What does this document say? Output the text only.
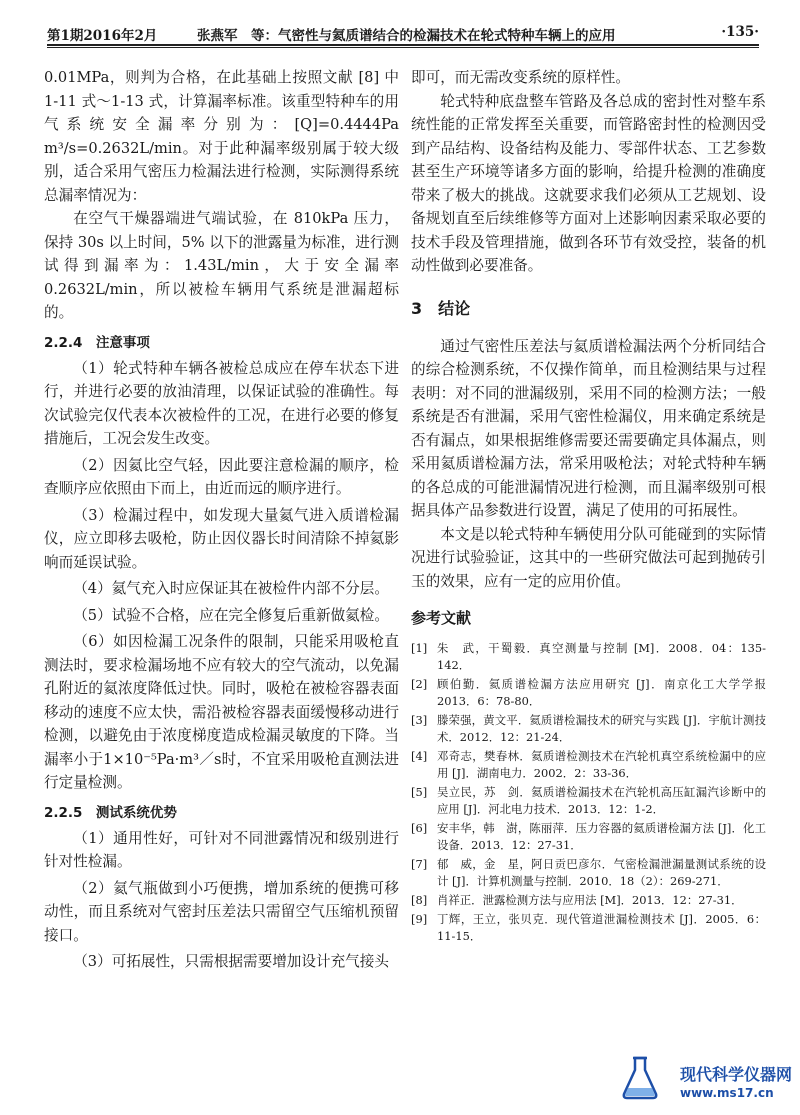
第1期2016年2月	张燕军　等：气密性与氦质谱结合的检漏技术在轮式特种车辆上的应用	·135·

0.01MPa，则判为合格，在此基础上按照文献 [8] 中1-11 式～1-13 式，计算漏率标准。该重型特种车的用气系统安全漏率分别为：[Q]=0.4444Pa　m³/s=0.2632L/min。对于此种漏率级别属于较大级别，适合采用气密压力检漏法进行检测，实际测得系统总漏率情况为：

在空气干燥器端进气端试验，在 810kPa 压力，保持 30s 以上时间，5% 以下的泄露量为标准，进行测试得到漏率为：1.43L/min，大于安全漏率 0.2632L/min，所以被检车辆用气系统是泄漏超标的。

2.2.4　注意事项

（1）轮式特种车辆各被检总成应在停车状态下进行，并进行必要的放油清理，以保证试验的准确性。每次试验完仅代表本次被检件的工况，在进行必要的修复措施后，工况会发生改变。

（2）因氦比空气轻，因此要注意检漏的顺序，检查顺序应依照由下而上，由近而远的顺序进行。

（3）检漏过程中，如发现大量氦气进入质谱检漏仪，应立即移去吸枪，防止因仪器长时间清除不掉氦影响而延误试验。

（4）氦气充入时应保证其在被检件内部不分层。

（5）试验不合格，应在完全修复后重新做氦检。

（6）如因检漏工况条件的限制，只能采用吸枪直测法时，要求检漏场地不应有较大的空气流动，以免漏孔附近的氦浓度降低过快。同时，吸枪在被检容器表面移动的速度不应太快，需沿被检容器表面缓慢移动进行检测，以避免由于浓度梯度造成检漏灵敏度的下降。当漏率小于1×10⁻⁵Pa·m³／s时，不宜采用吸枪直测法进行定量检测。

2.2.5　测试系统优势

（1）通用性好，可针对不同泄露情况和级别进行针对性检漏。

（2）氦气瓶做到小巧便携，增加系统的便携可移动性，而且系统对气密封压差法只需留空气压缩机预留接口。

（3）可拓展性，只需根据需要增加设计充气接头

即可，而无需改变系统的原样性。

轮式特种底盘整车管路及各总成的密封性对整车系统性能的正常发挥至关重要，而管路密封性的检测因受到产品结构、设备结构及能力、零部件状态、工艺参数甚至生产环境等诸多方面的影响，给提升检测的准确度带来了极大的挑战。这就要求我们必须从工艺规划、设备规划直至后续维修等方面对上述影响因素采取必要的技术手段及管理措施，做到各环节有效受控，装备的机动性做到必要准备。

3　结论

通过气密性压差法与氦质谱检漏法两个分析同结合的综合检测系统，不仅操作简单，而且检测结果与过程表明：对不同的泄漏级别，采用不同的检测方法；一般系统是否有泄漏，采用气密性检漏仪，用来确定系统是否有漏点，如果根据维修需要还需要确定具体漏点，则采用氦质谱检漏方法，常采用吸枪法；对轮式特种车辆的各总成的可能泄漏情况进行检测，而且漏率级别可根据具体产品参数进行设置，满足了使用的可拓展性。

本文是以轮式特种车辆使用分队可能碰到的实际情况进行试验验证，这其中的一些研究做法可起到抛砖引玉的效果，应有一定的应用价值。

参考文献
[1] 朱　武，干蜀毅．真空测量与控制 [M]．2008．04：135-142．
[2] 顾伯勤．氦质谱检漏方法应用研究 [J]．南京化工大学学报 2013．6：78-80．
[3] 滕荣强，黄文平．氦质谱检漏技术的研究与实践 [J]．宇航计测技术．2012．12：21-24．
[4] 邓奇志，樊春林．氦质谱检测技术在汽轮机真空系统检漏中的应用 [J]．湖南电力．2002．2：33-36．
[5] 吴立民，苏　剑．氦质谱检漏技术在汽轮机高压缸漏汽诊断中的应用 [J]．河北电力技术．2013．12：1-2．
[6] 安丰华，韩　澍，陈丽萍．压力容器的氦质谱检漏方法 [J]．化工设备．2013．12：27-31．
[7] 郁　威，金　星，阿日贡巴彦尔．气密检漏泄漏量测试系统的设计 [J]．计算机测量与控制．2010．18（2）：269-271．
[8] 肖祥正．泄露检测方法与应用法 [M]．2013．12：27-31．
[9] 丁辉，王立，张贝克．现代管道泄漏检测技术 [J]．2005．6：11-15．
现代科学仪器网
www.ms17.cn
